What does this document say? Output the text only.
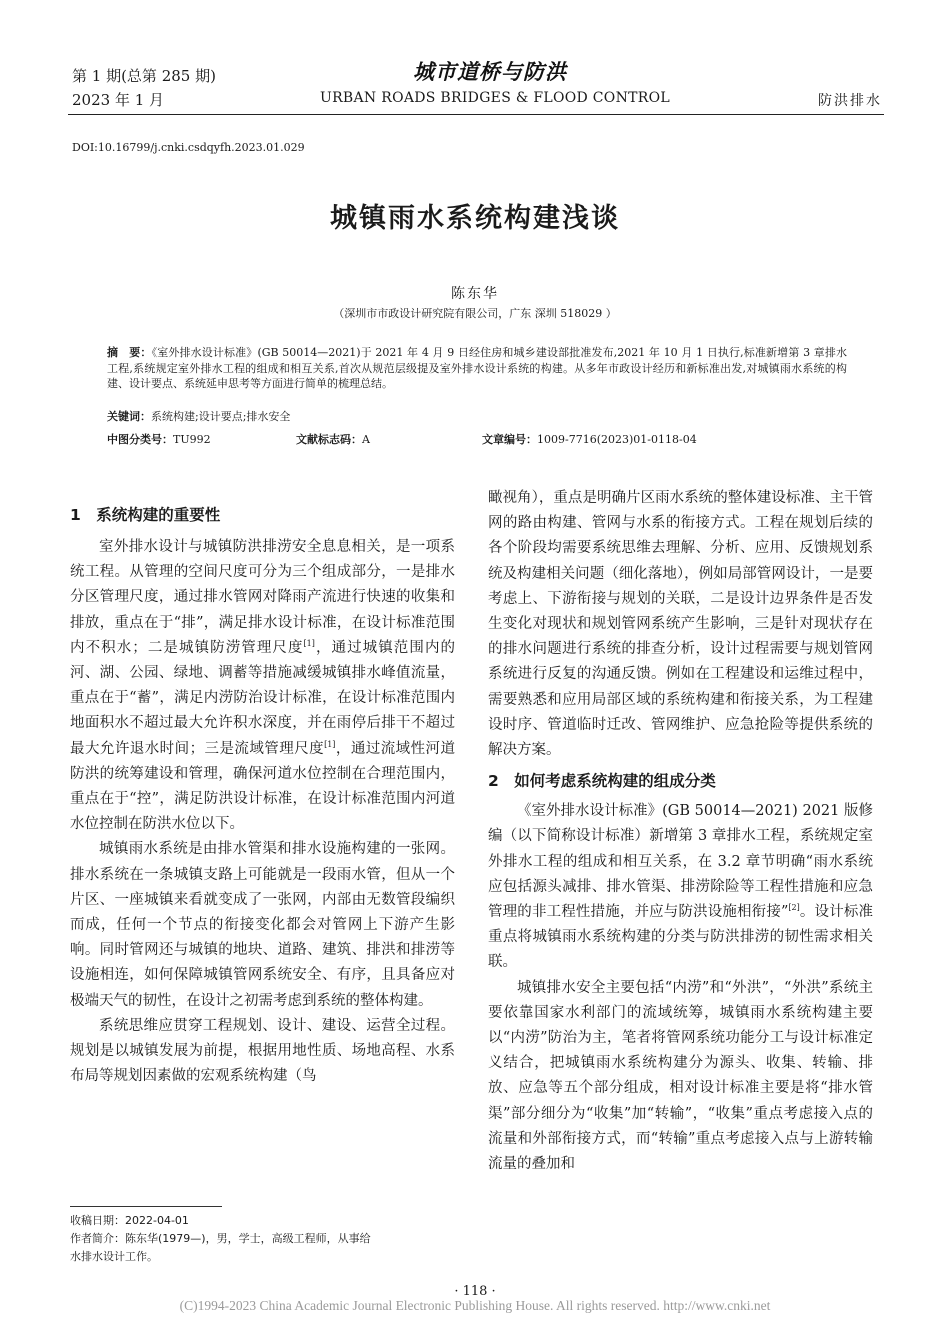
第 1 期(总第 285 期)
2023 年 1 月
城市道桥与防洪
URBAN ROADS BRIDGES & FLOOD CONTROL	防洪排水
DOI:10.16799/j.cnki.csdqyfh.2023.01.029
城镇雨水系统构建浅谈
陈东华
（深圳市市政设计研究院有限公司，广东 深圳 518029 ）
摘　要：《室外排水设计标准》(GB 50014—2021)于 2021 年 4 月 9 日经住房和城乡建设部批准发布,2021 年 10 月 1 日执行,标准新增第 3 章排水工程,系统规定室外排水工程的组成和相互关系,首次从规范层级提及室外排水设计系统的构建。从多年市政设计经历和新标准出发,对城镇雨水系统的构建、设计要点、系统延申思考等方面进行简单的梳理总结。
关键词：系统构建;设计要点;排水安全
中图分类号：TU992	文献标志码：A	文章编号：1009-7716(2023)01-0118-04
1　系统构建的重要性

室外排水设计与城镇防洪排涝安全息息相关，是一项系统工程。从管理的空间尺度可分为三个组成部分，一是排水分区管理尺度，通过排水管网对降雨产流进行快速的收集和排放，重点在于“排”，满足排水设计标准，在设计标准范围内不积水；二是城镇防涝管理尺度[1]，通过城镇范围内的河、湖、公园、绿地、调蓄等措施减缓城镇排水峰值流量，重点在于“蓄”，满足内涝防治设计标准，在设计标准范围内地面积水不超过最大允许积水深度，并在雨停后排干不超过最大允许退水时间；三是流域管理尺度[1]，通过流域性河道防洪的统筹建设和管理，确保河道水位控制在合理范围内，重点在于“控”，满足防洪设计标准，在设计标准范围内河道水位控制在防洪水位以下。

城镇雨水系统是由排水管渠和排水设施构建的一张网。排水系统在一条城镇支路上可能就是一段雨水管，但从一个片区、一座城镇来看就变成了一张网，内部由无数管段编织而成，任何一个节点的衔接变化都会对管网上下游产生影响。同时管网还与城镇的地块、道路、建筑、排洪和排涝等设施相连，如何保障城镇管网系统安全、有序，且具备应对极端天气的韧性，在设计之初需考虑到系统的整体构建。

系统思维应贯穿工程规划、设计、建设、运营全过程。规划是以城镇发展为前提，根据用地性质、场地高程、水系布局等规划因素做的宏观系统构建（鸟

瞰视角），重点是明确片区雨水系统的整体建设标准、主干管网的路由构建、管网与水系的衔接方式。工程在规划后续的各个阶段均需要系统思维去理解、分析、应用、反馈规划系统及构建相关问题（细化落地），例如局部管网设计，一是要考虑上、下游衔接与规划的关联，二是设计边界条件是否发生变化对现状和规划管网系统产生影响，三是针对现状存在的排水问题进行系统的排查分析，设计过程需要与规划管网系统进行反复的沟通反馈。例如在工程建设和运维过程中，需要熟悉和应用局部区域的系统构建和衔接关系，为工程建设时序、管道临时迁改、管网维护、应急抢险等提供系统的解决方案。

2　如何考虑系统构建的组成分类

《室外排水设计标准》(GB 50014—2021) 2021 版修编（以下简称设计标准）新增第 3 章排水工程，系统规定室外排水工程的组成和相互关系，在 3.2 章节明确“雨水系统应包括源头减排、排水管渠、排涝除险等工程性措施和应急管理的非工程性措施，并应与防洪设施相衔接”[2]。设计标准重点将城镇雨水系统构建的分类与防洪排涝的韧性需求相关联。

城镇排水安全主要包括“内涝”和“外洪”，“外洪”系统主要依靠国家水利部门的流域统筹，城镇雨水系统构建主要以“内涝”防治为主，笔者将管网系统功能分工与设计标准定义结合，把城镇雨水系统构建分为源头、收集、转输、排放、应急等五个部分组成，相对设计标准主要是将“排水管渠”部分细分为“收集”加“转输”，“收集”重点考虑接入点的流量和外部衔接方式，而“转输”重点考虑接入点与上游转输流量的叠加和

收稿日期：2022-04-01
作者简介：陈东华(1979—)，男，学士，高级工程师，从事给
水排水设计工作。
· 118 ·
(C)1994-2023 China Academic Journal Electronic Publishing House. All rights reserved. http://www.cnki.net
